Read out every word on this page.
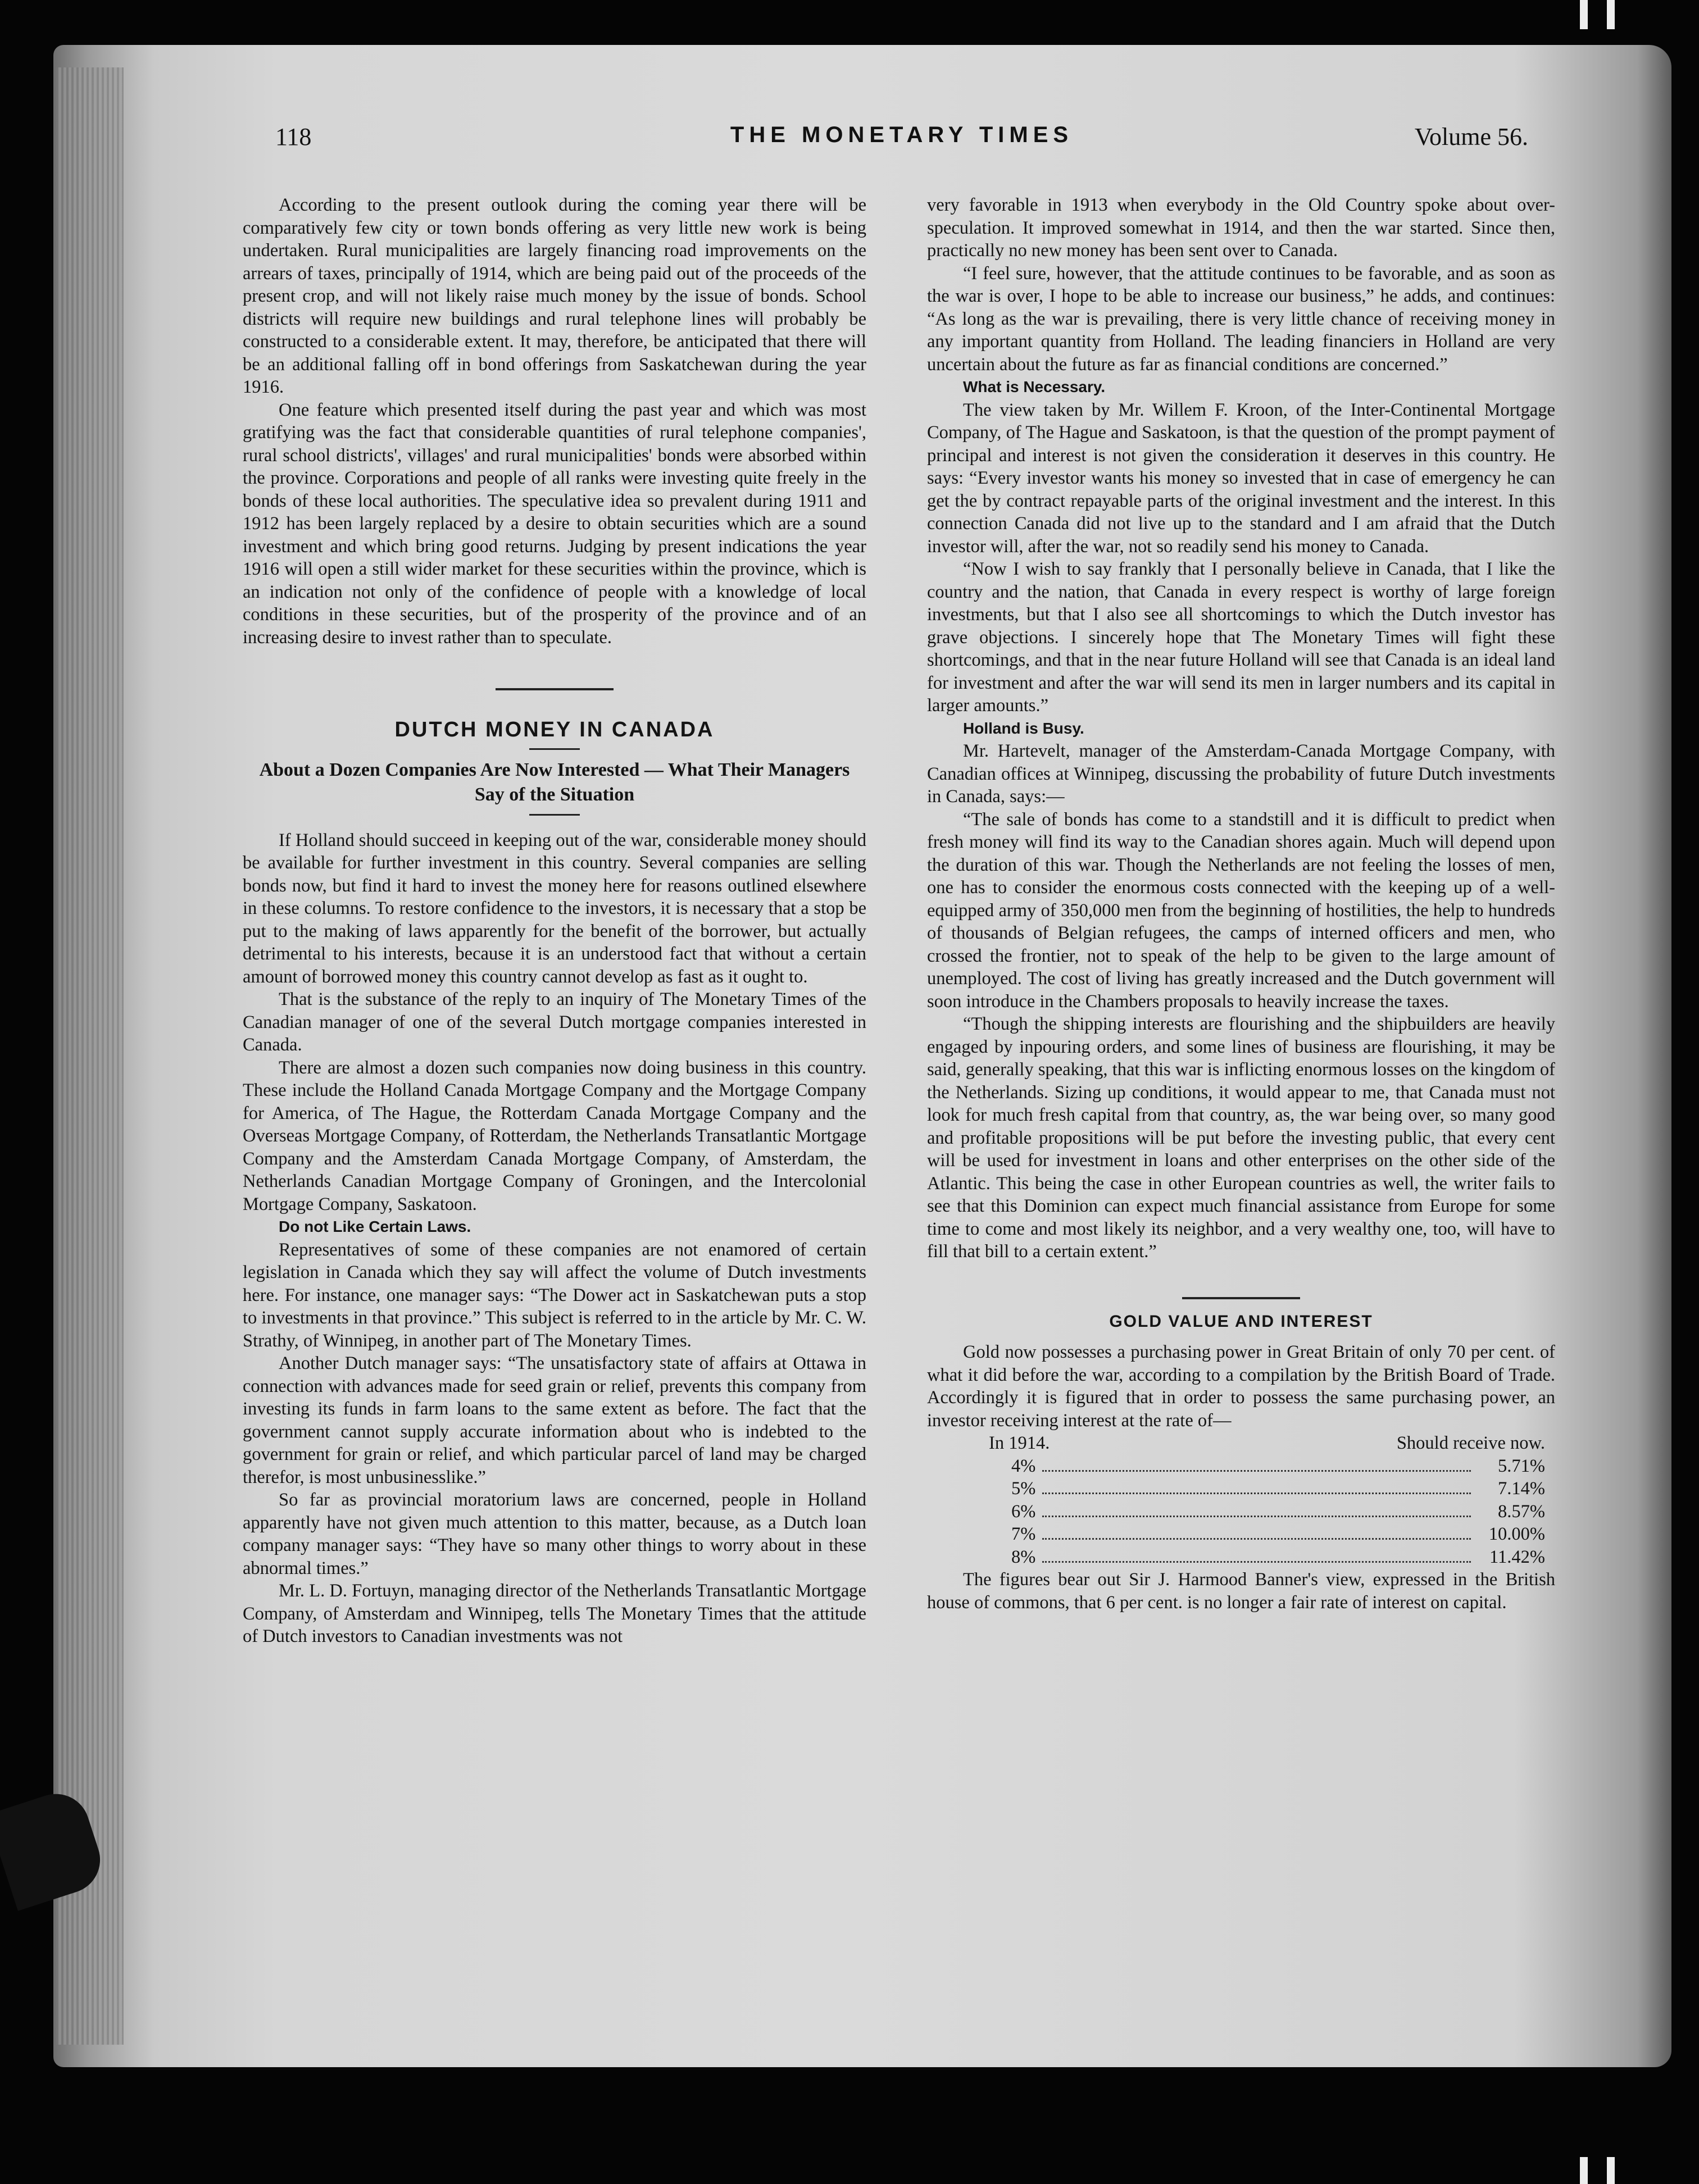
118	THE MONETARY TIMES	Volume 56.

According to the present outlook during the coming year there will be comparatively few city or town bonds offering as very little new work is being undertaken. Rural municipalities are largely financing road improvements on the arrears of taxes, principally of 1914, which are being paid out of the proceeds of the present crop, and will not likely raise much money by the issue of bonds. School districts will require new buildings and rural telephone lines will probably be constructed to a considerable extent. It may, therefore, be anticipated that there will be an additional falling off in bond offerings from Saskatchewan during the year 1916.

One feature which presented itself during the past year and which was most gratifying was the fact that considerable quantities of rural telephone companies', rural school districts', villages' and rural municipalities' bonds were absorbed within the province. Corporations and people of all ranks were investing quite freely in the bonds of these local authorities. The speculative idea so prevalent during 1911 and 1912 has been largely replaced by a desire to obtain securities which are a sound investment and which bring good returns. Judging by present indications the year 1916 will open a still wider market for these securities within the province, which is an indication not only of the confidence of people with a knowledge of local conditions in these securities, but of the prosperity of the province and of an increasing desire to invest rather than to speculate.

DUTCH MONEY IN CANADA
About a Dozen Companies Are Now Interested — What Their Managers Say of the Situation

If Holland should succeed in keeping out of the war, considerable money should be available for further investment in this country. Several companies are selling bonds now, but find it hard to invest the money here for reasons outlined elsewhere in these columns. To restore confidence to the investors, it is necessary that a stop be put to the making of laws apparently for the benefit of the borrower, but actually detrimental to his interests, because it is an understood fact that without a certain amount of borrowed money this country cannot develop as fast as it ought to.

That is the substance of the reply to an inquiry of The Monetary Times of the Canadian manager of one of the several Dutch mortgage companies interested in Canada.

There are almost a dozen such companies now doing business in this country. These include the Holland Canada Mortgage Company and the Mortgage Company for America, of The Hague, the Rotterdam Canada Mortgage Company and the Overseas Mortgage Company, of Rotterdam, the Netherlands Transatlantic Mortgage Company and the Amsterdam Canada Mortgage Company, of Amsterdam, the Netherlands Canadian Mortgage Company of Groningen, and the Intercolonial Mortgage Company, Saskatoon.

Do not Like Certain Laws.

Representatives of some of these companies are not enamored of certain legislation in Canada which they say will affect the volume of Dutch investments here. For instance, one manager says: “The Dower act in Saskatchewan puts a stop to investments in that province.” This subject is referred to in the article by Mr. C. W. Strathy, of Winnipeg, in another part of The Monetary Times.

Another Dutch manager says: “The unsatisfactory state of affairs at Ottawa in connection with advances made for seed grain or relief, prevents this company from investing its funds in farm loans to the same extent as before. The fact that the government cannot supply accurate information about who is indebted to the government for grain or relief, and which particular parcel of land may be charged therefor, is most unbusinesslike.”

So far as provincial moratorium laws are concerned, people in Holland apparently have not given much attention to this matter, because, as a Dutch loan company manager says: “They have so many other things to worry about in these abnormal times.”

Mr. L. D. Fortuyn, managing director of the Netherlands Transatlantic Mortgage Company, of Amsterdam and Winnipeg, tells The Monetary Times that the attitude of Dutch investors to Canadian investments was not

very favorable in 1913 when everybody in the Old Country spoke about over-speculation. It improved somewhat in 1914, and then the war started. Since then, practically no new money has been sent over to Canada.

“I feel sure, however, that the attitude continues to be favorable, and as soon as the war is over, I hope to be able to increase our business,” he adds, and continues: “As long as the war is prevailing, there is very little chance of receiving money in any important quantity from Holland. The leading financiers in Holland are very uncertain about the future as far as financial conditions are concerned.”

What is Necessary.

The view taken by Mr. Willem F. Kroon, of the Inter-Continental Mortgage Company, of The Hague and Saskatoon, is that the question of the prompt payment of principal and interest is not given the consideration it deserves in this country. He says: “Every investor wants his money so invested that in case of emergency he can get the by contract repayable parts of the original investment and the interest. In this connection Canada did not live up to the standard and I am afraid that the Dutch investor will, after the war, not so readily send his money to Canada.

“Now I wish to say frankly that I personally believe in Canada, that I like the country and the nation, that Canada in every respect is worthy of large foreign investments, but that I also see all shortcomings to which the Dutch investor has grave objections. I sincerely hope that The Monetary Times will fight these shortcomings, and that in the near future Holland will see that Canada is an ideal land for investment and after the war will send its men in larger numbers and its capital in larger amounts.”

Holland is Busy.

Mr. Hartevelt, manager of the Amsterdam-Canada Mortgage Company, with Canadian offices at Winnipeg, discussing the probability of future Dutch investments in Canada, says:—

“The sale of bonds has come to a standstill and it is difficult to predict when fresh money will find its way to the Canadian shores again. Much will depend upon the duration of this war. Though the Netherlands are not feeling the losses of men, one has to consider the enormous costs connected with the keeping up of a well-equipped army of 350,000 men from the beginning of hostilities, the help to hundreds of thousands of Belgian refugees, the camps of interned officers and men, who crossed the frontier, not to speak of the help to be given to the large amount of unemployed. The cost of living has greatly increased and the Dutch government will soon introduce in the Chambers proposals to heavily increase the taxes.

“Though the shipping interests are flourishing and the shipbuilders are heavily engaged by inpouring orders, and some lines of business are flourishing, it may be said, generally speaking, that this war is inflicting enormous losses on the kingdom of the Netherlands. Sizing up conditions, it would appear to me, that Canada must not look for much fresh capital from that country, as, the war being over, so many good and profitable propositions will be put before the investing public, that every cent will be used for investment in loans and other enterprises on the other side of the Atlantic. This being the case in other European countries as well, the writer fails to see that this Dominion can expect much financial assistance from Europe for some time to come and most likely its neighbor, and a very wealthy one, too, will have to fill that bill to a certain extent.”

GOLD VALUE AND INTEREST

Gold now possesses a purchasing power in Great Britain of only 70 per cent. of what it did before the war, according to a compilation by the British Board of Trade. Accordingly it is figured that in order to possess the same purchasing power, an investor receiving interest at the rate of—

In 1914.	Should receive now.
4%	5.71%
5%	7.14%
6%	8.57%
7%	10.00%
8%	11.42%

The figures bear out Sir J. Harmood Banner's view, expressed in the British house of commons, that 6 per cent. is no longer a fair rate of interest on capital.
